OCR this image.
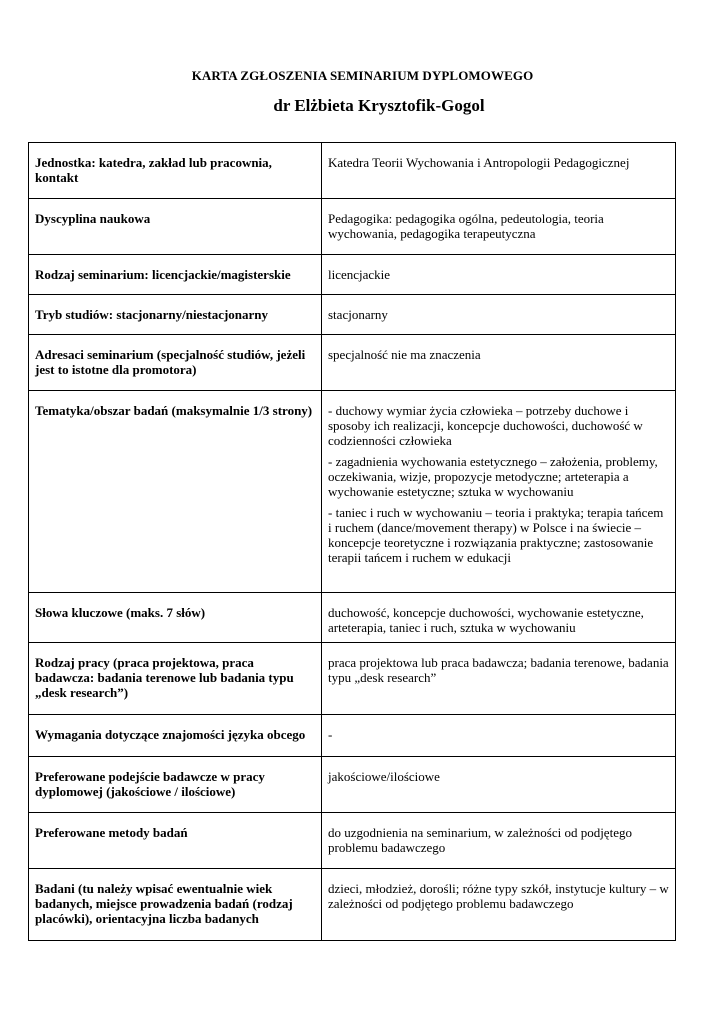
KARTA ZGŁOSZENIA SEMINARIUM DYPLOMOWEGO
dr Elżbieta Krysztofik-Gogol
Jednostka: katedra, zakład lub pracownia, kontakt	Katedra Teorii Wychowania i Antropologii Pedagogicznej

Dyscyplina naukowa	Pedagogika: pedagogika ogólna, pedeutologia, teoria wychowania, pedagogika terapeutyczna

Rodzaj seminarium: licencjackie/magisterskie	licencjackie

Tryb studiów: stacjonarny/niestacjonarny	stacjonarny

Adresaci seminarium (specjalność studiów, jeżeli jest to istotne dla promotora)	specjalność nie ma znaczenia

Tematyka/obszar badań (maksymalnie 1/3 strony)	- duchowy wymiar życia człowieka – potrzeby duchowe i sposoby ich realizacji, koncepcje duchowości, duchowość w codzienności człowieka
- zagadnienia wychowania estetycznego – założenia, problemy, oczekiwania, wizje, propozycje metodyczne; arteterapia a wychowanie estetyczne; sztuka w wychowaniu
- taniec i ruch w wychowaniu – teoria i praktyka; terapia tańcem i ruchem (dance/movement therapy) w Polsce i na świecie – koncepcje teoretyczne i rozwiązania praktyczne; zastosowanie terapii tańcem i ruchem w edukacji

Słowa kluczowe (maks. 7 słów)	duchowość, koncepcje duchowości, wychowanie estetyczne, arteterapia, taniec i ruch, sztuka w wychowaniu

Rodzaj pracy (praca projektowa, praca badawcza: badania terenowe lub badania typu „desk research”)	praca projektowa lub praca badawcza; badania terenowe, badania typu „desk research”

Wymagania dotyczące znajomości języka obcego	-

Preferowane podejście badawcze w pracy dyplomowej (jakościowe / ilościowe)	jakościowe/ilościowe

Preferowane metody badań	do uzgodnienia na seminarium, w zależności od podjętego problemu badawczego

Badani (tu należy wpisać ewentualnie wiek badanych, miejsce prowadzenia badań (rodzaj placówki), orientacyjna liczba badanych	dzieci, młodzież, dorośli; różne typy szkół, instytucje kultury – w zależności od podjętego problemu badawczego
